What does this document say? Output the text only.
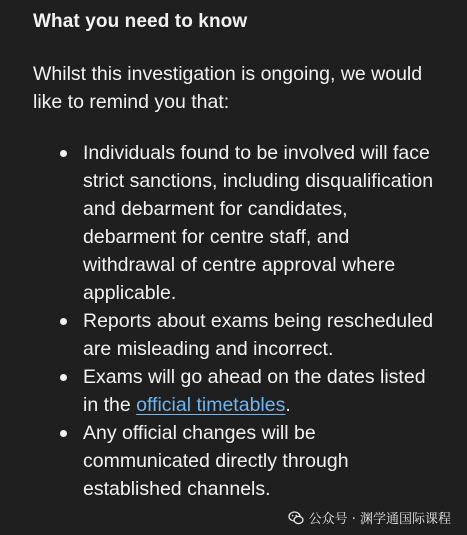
What you need to know
Whilst this investigation is ongoing, we would like to remind you that:
Individuals found to be involved will face strict sanctions, including disqualification and debarment for candidates, debarment for centre staff, and withdrawal of centre approval where applicable.
Reports about exams being rescheduled are misleading and incorrect.
Exams will go ahead on the dates listed in the official timetables.
Any official changes will be communicated directly through established channels.
公众号 · 渊学通国际课程
